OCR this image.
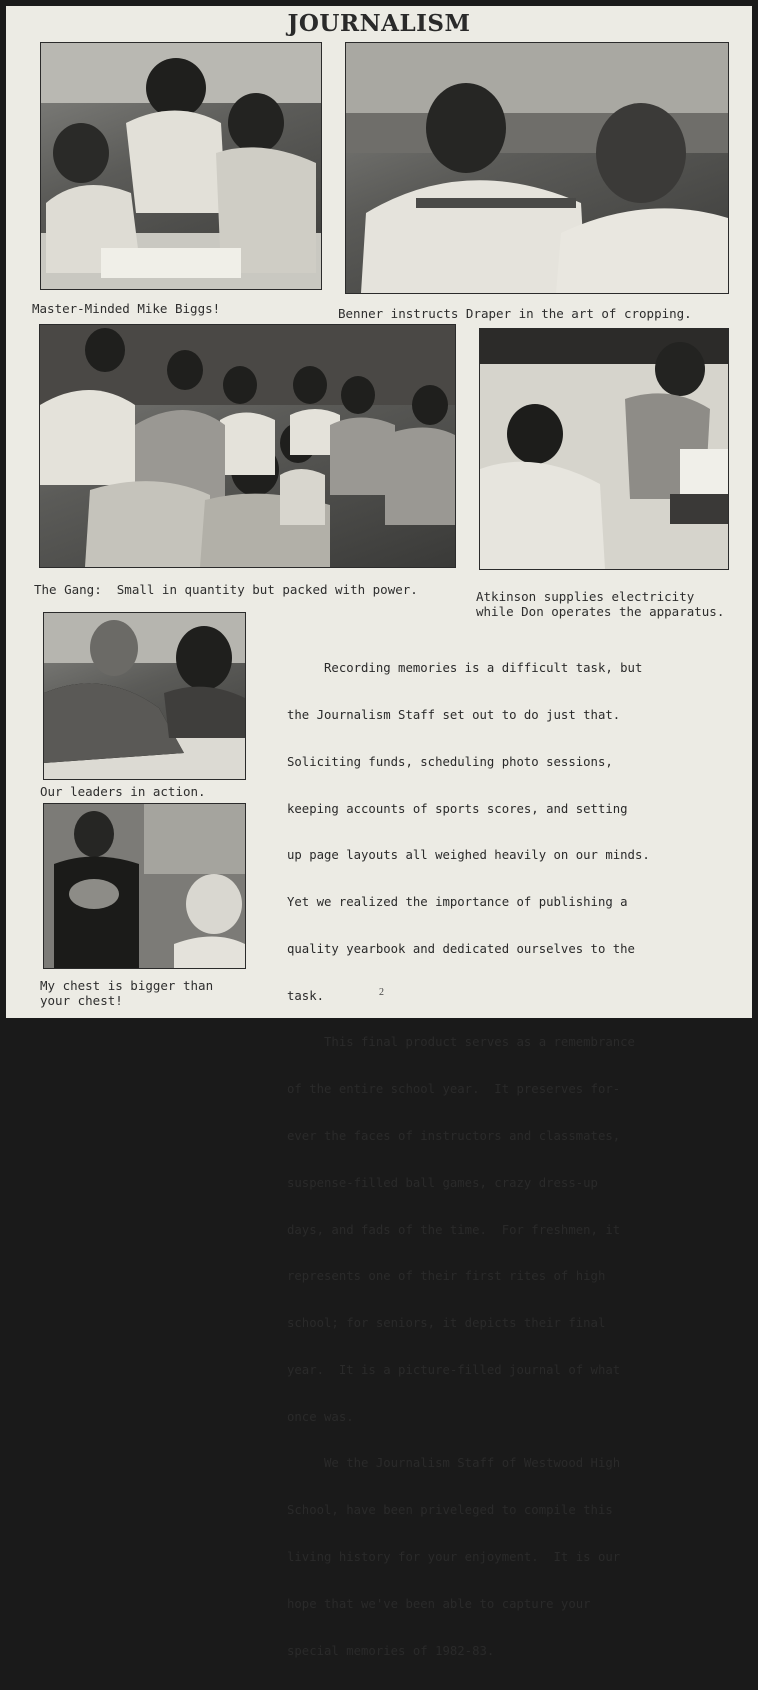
JOURNALISM
Master-Minded Mike Biggs!	Benner instructs Draper in the art of cropping.
The Gang:  Small in quantity but packed with power.	Atkinson supplies electricity
while Don operates the apparatus.
Our leaders in action.
My chest is bigger than
your chest!

Recording memories is a difficult task, but

the Journalism Staff set out to do just that.

Soliciting funds, scheduling photo sessions,

keeping accounts of sports scores, and setting

up page layouts all weighed heavily on our minds.

Yet we realized the importance of publishing a

quality yearbook and dedicated ourselves to the

task.

This final product serves as a remembrance

of the entire school year.  It preserves for-

ever the faces of instructors and classmates,

suspense-filled ball games, crazy dress-up

days, and fads of the time.  For freshmen, it

represents one of their first rites of high

school; for seniors, it depicts their final

year.  It is a picture-filled journal of what

once was.

We the Journalism Staff of Westwood High

School, have been priveleged to compile this

living history for your enjoyment.  It is our

hope that we've been able to capture your

special memories of 1982-83.

2
